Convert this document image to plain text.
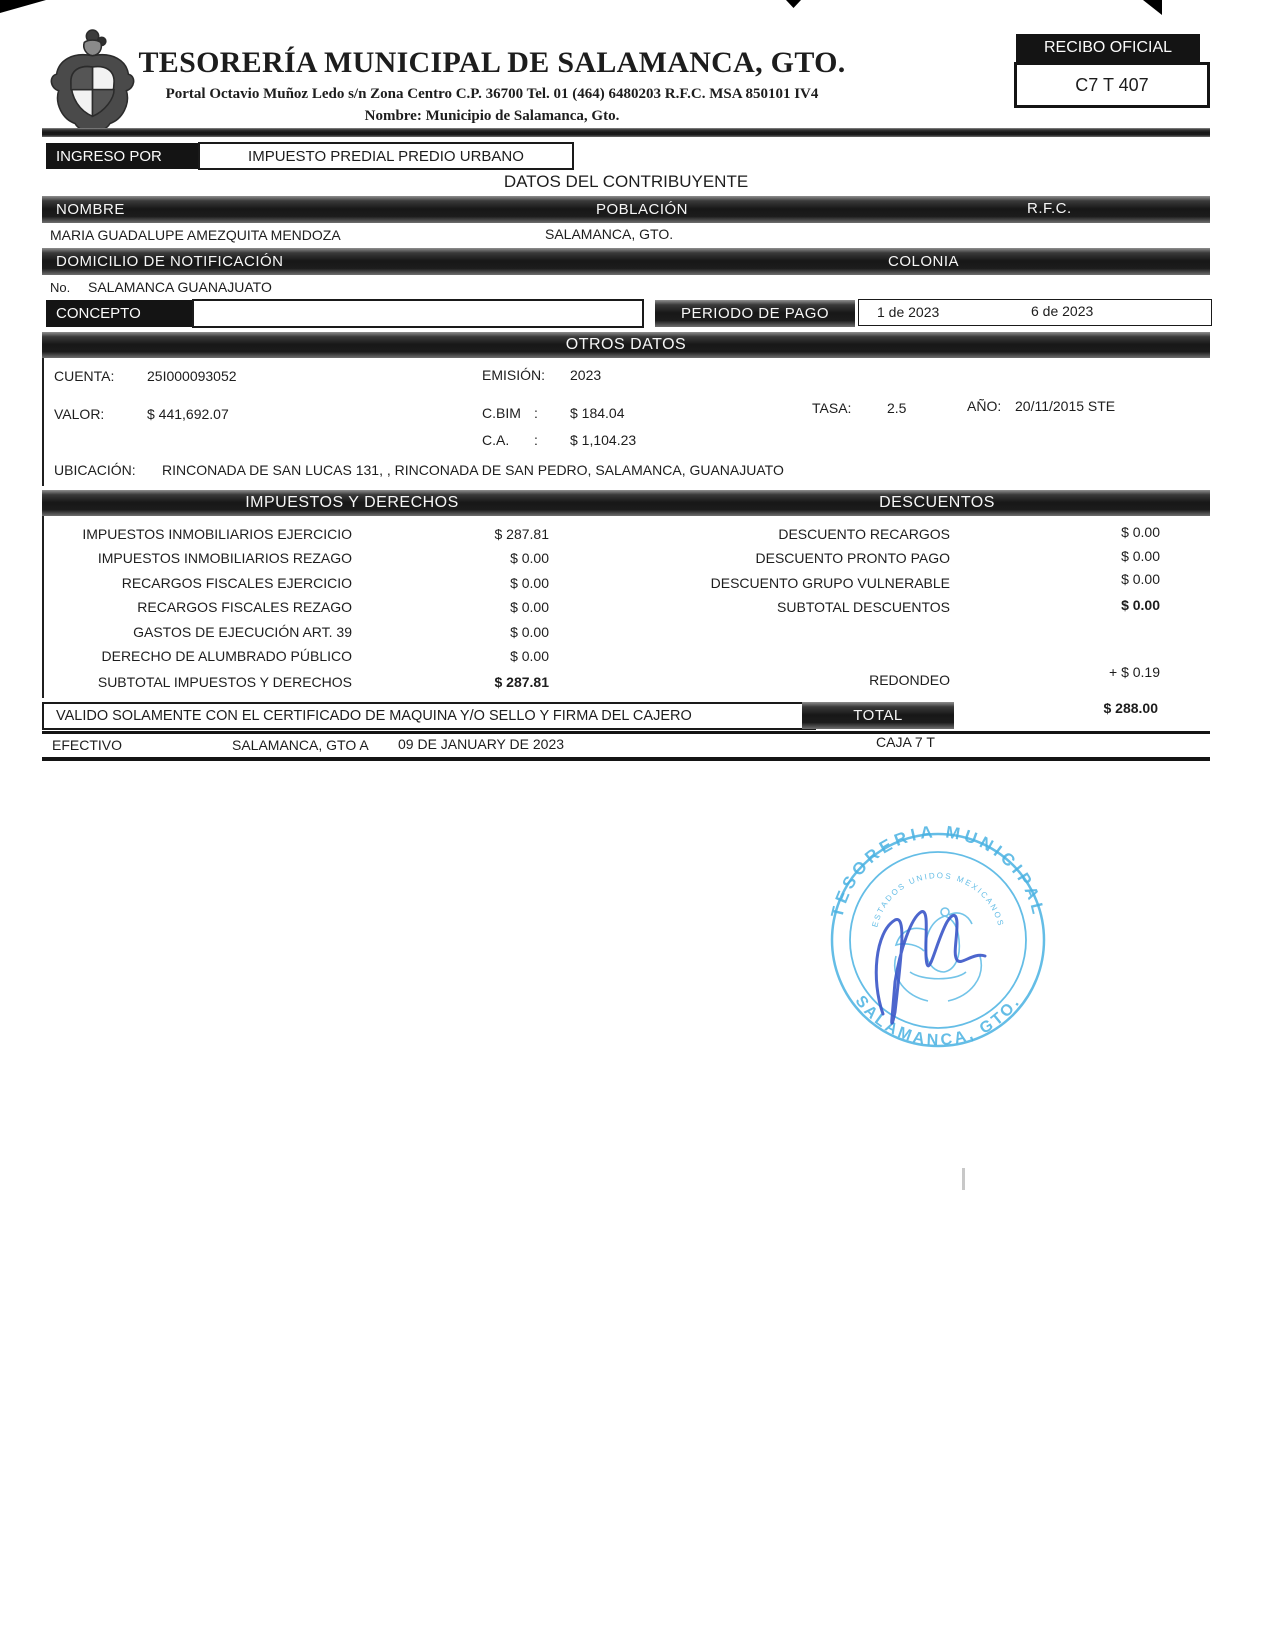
TESORERÍA MUNICIPAL DE SALAMANCA, GTO.
Portal Octavio Muñoz Ledo s/n Zona Centro C.P. 36700 Tel. 01 (464) 6480203 R.F.C. MSA 850101 IV4
Nombre: Municipio de Salamanca, Gto.
RECIBO OFICIAL
C7 T 407
INGRESO POR	IMPUESTO PREDIAL PREDIO URBANO
DATOS DEL CONTRIBUYENTE
NOMBRE	POBLACIÓN	R.F.C.
MARIA GUADALUPE AMEZQUITA MENDOZA	SALAMANCA, GTO.
DOMICILIO DE NOTIFICACIÓN	COLONIA
No. SALAMANCA GUANAJUATO
CONCEPTO	PERIODO DE PAGO	1 de 2023	6 de 2023
OTROS DATOS
CUENTA: 25I000093052	EMISIÓN: 2023
VALOR:	$ 441,692.07	C.BIM : $ 184.04	TASA:	2.5	AÑO: 20/11/2015 STE
C.A. : $ 1,104.23
UBICACIÓN: RINCONADA DE SAN LUCAS 131, , RINCONADA DE SAN PEDRO, SALAMANCA, GUANAJUATO
IMPUESTOS Y DERECHOS	DESCUENTOS
IMPUESTOS INMOBILIARIOS EJERCICIO	$ 287.81
IMPUESTOS INMOBILIARIOS REZAGO	$ 0.00
RECARGOS FISCALES EJERCICIO	$ 0.00
RECARGOS FISCALES REZAGO	$ 0.00
GASTOS DE EJECUCIÓN ART. 39	$ 0.00
DERECHO DE ALUMBRADO PÚBLICO	$ 0.00
SUBTOTAL IMPUESTOS Y DERECHOS	$ 287.81
DESCUENTO RECARGOS	$ 0.00
DESCUENTO PRONTO PAGO	$ 0.00
DESCUENTO GRUPO VULNERABLE	$ 0.00
SUBTOTAL DESCUENTOS	$ 0.00
REDONDEO	+ $ 0.19
VALIDO SOLAMENTE CON EL CERTIFICADO DE MAQUINA Y/O SELLO Y FIRMA DEL CAJERO	TOTAL	$ 288.00
EFECTIVO	SALAMANCA, GTO A 09 DE JANUARY DE 2023	CAJA 7 T
TESORERIA MUNICIPAL
SALAMANCA, GTO.
ESTADOS UNIDOS MEXICANOS
